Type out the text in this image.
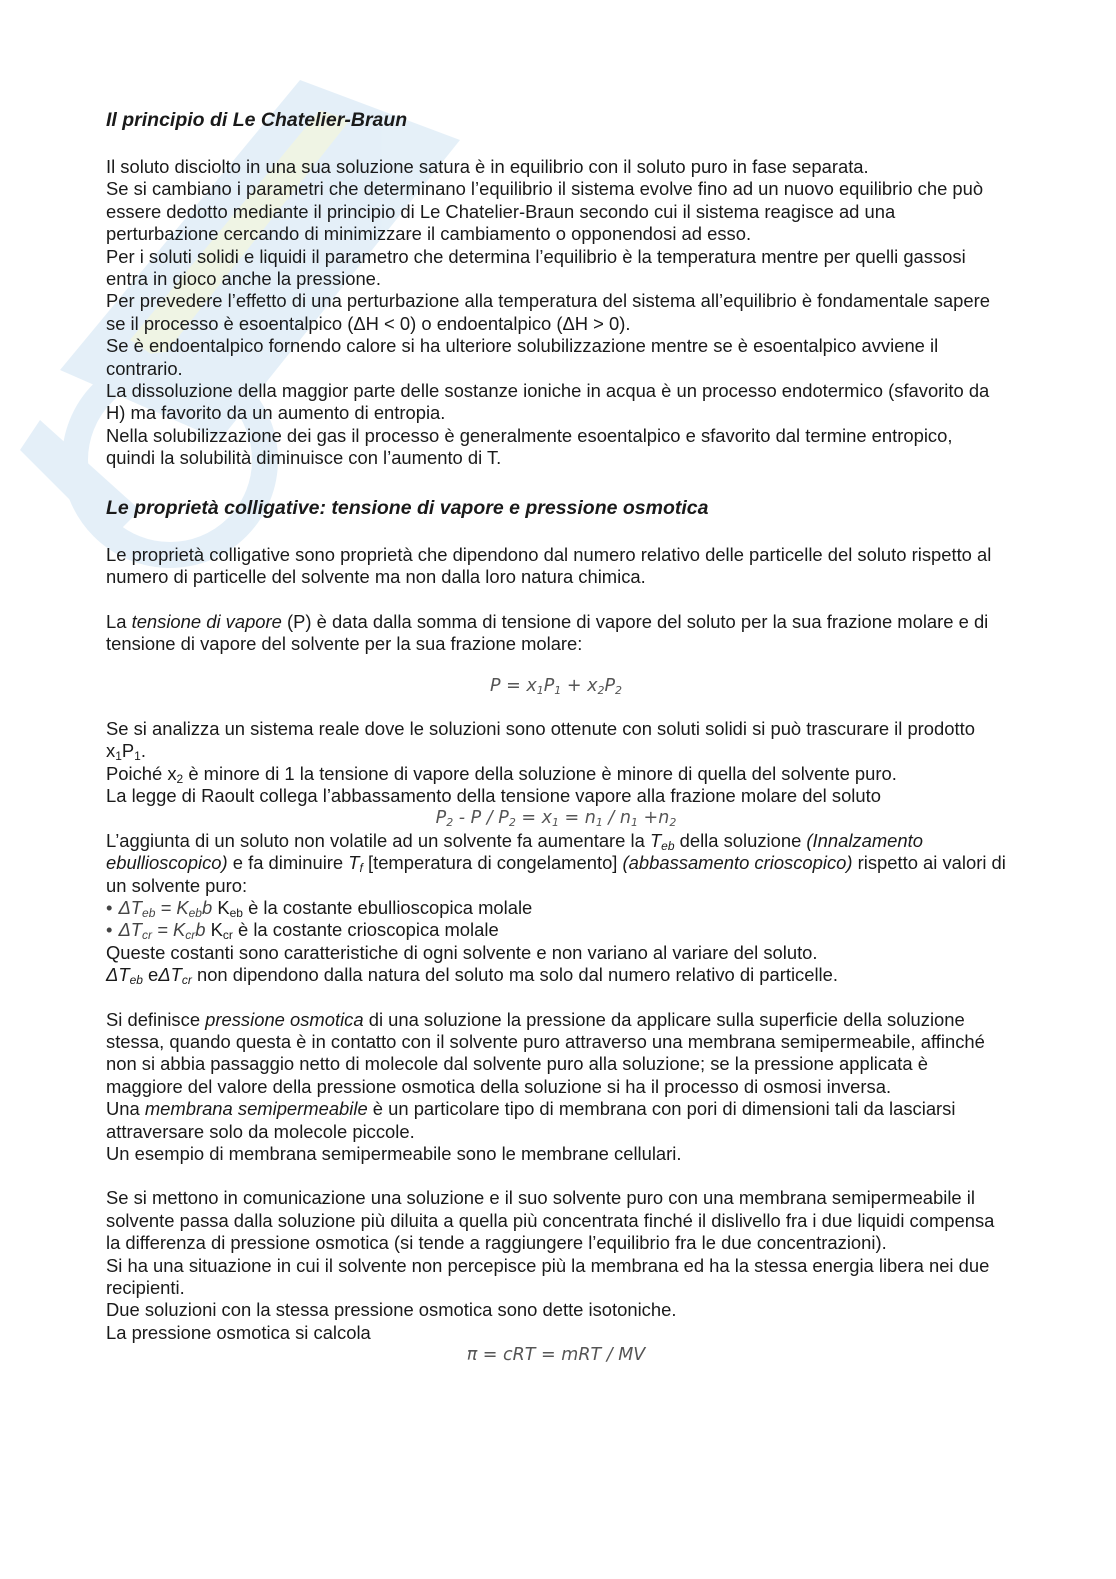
Il principio di Le Chatelier-Braun

Il soluto disciolto in una sua soluzione satura è in equilibrio con il soluto puro in fase separata.

Se si cambiano i parametri che determinano l’equilibrio il sistema evolve fino ad un nuovo equilibrio che può essere dedotto mediante il principio di Le Chatelier-Braun secondo cui il sistema reagisce ad una perturbazione cercando di minimizzare il cambiamento o opponendosi ad esso.

Per i soluti solidi e liquidi il parametro che determina l’equilibrio è la temperatura mentre per quelli gassosi entra in gioco anche la pressione.

Per prevedere l’effetto di una perturbazione alla temperatura del sistema all’equilibrio è fondamentale sapere se il processo è esoentalpico (ΔH < 0) o endoentalpico (ΔH > 0).

Se è endoentalpico fornendo calore si ha ulteriore solubilizzazione mentre se è esoentalpico avviene il contrario.

La dissoluzione della maggior parte delle sostanze ioniche in acqua è un processo endotermico (sfavorito da H) ma favorito da un aumento di entropia.

Nella solubilizzazione dei gas il processo è generalmente esoentalpico e sfavorito dal termine entropico, quindi la solubilità diminuisce con l’aumento di T.

Le proprietà colligative: tensione di vapore e pressione osmotica

Le proprietà colligative sono proprietà che dipendono dal numero relativo delle particelle del soluto rispetto al numero di particelle del solvente ma non dalla loro natura chimica.

La tensione di vapore (P) è data dalla somma di tensione di vapore del soluto per la sua frazione molare e di tensione di vapore del solvente per la sua frazione molare:

$P = x_1P_1 + x_2P_2$

Se si analizza un sistema reale dove le soluzioni sono ottenute con soluti solidi si può trascurare il prodotto $x_1P_1$.

Poiché $x_2$ è minore di 1 la tensione di vapore della soluzione è minore di quella del solvente puro.

La legge di Raoult collega l’abbassamento della tensione vapore alla frazione molare del soluto

$P_2 - P / P_2 = x_1 = n_1 / n_1 +n_2$

L’aggiunta di un soluto non volatile ad un solvente fa aumentare la $T_{eb}$ della soluzione (Innalzamento ebullioscopico) e fa diminuire $T_f$ [temperatura di congelamento] (abbassamento crioscopico) rispetto ai valori di un solvente puro:

• $\Delta T_{eb} = K_{eb}b$ $K_{eb}$ è la costante ebullioscopica molale

• $\Delta T_{cr} = K_{cr}b$ $K_{cr}$ è la costante crioscopica molale

Queste costanti sono caratteristiche di ogni solvente e non variano al variare del soluto.

$\Delta T_{eb}$ eΔT$_{cr}$ non dipendono dalla natura del soluto ma solo dal numero relativo di particelle.

Si definisce pressione osmotica di una soluzione la pressione da applicare sulla superficie della soluzione stessa, quando questa è in contatto con il solvente puro attraverso una membrana semipermeabile, affinché non si abbia passaggio netto di molecole dal solvente puro alla soluzione; se la pressione applicata è maggiore del valore della pressione osmotica della soluzione si ha il processo di osmosi inversa.

Una membrana semipermeabile è un particolare tipo di membrana con pori di dimensioni tali da lasciarsi attraversare solo da molecole piccole.

Un esempio di membrana semipermeabile sono le membrane cellulari.

Se si mettono in comunicazione una soluzione e il suo solvente puro con una membrana semipermeabile il solvente passa dalla soluzione più diluita a quella più concentrata finché il dislivello fra i due liquidi compensa la differenza di pressione osmotica (si tende a raggiungere l’equilibrio fra le due concentrazioni).

Si ha una situazione in cui il solvente non percepisce più la membrana ed ha la stessa energia libera nei due recipienti.

Due soluzioni con la stessa pressione osmotica sono dette isotoniche.

La pressione osmotica si calcola

π = cRT = mRT / MV
